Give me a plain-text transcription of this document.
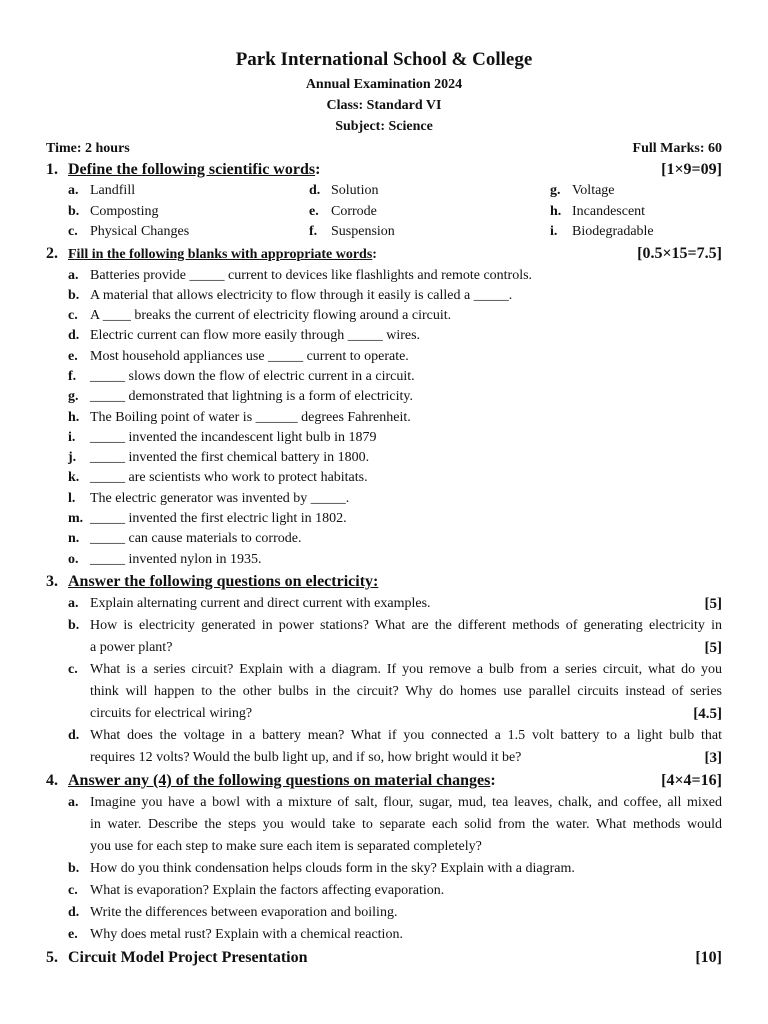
Park International School & College
Annual Examination 2024
Class: Standard VI
Subject: Science
Time: 2 hours	Full Marks: 60
1. Define the following scientific words:	[1×9=09]
a. Landfill	d. Solution	g. Voltage
b. Composting	e. Corrode	h. Incandescent
c. Physical Changes	f. Suspension	i.	Biodegradable
2. Fill in the following blanks with appropriate words:	[0.5×15=7.5]
a. Batteries provide _____ current to devices like flashlights and remote controls.
b. A material that allows electricity to flow through it easily is called a _____.
c. A ____ breaks the current of electricity flowing around a circuit.
d. Electric current can flow more easily through _____ wires.
e. Most household appliances use _____ current to operate.
f. _____ slows down the flow of electric current in a circuit.
g. _____ demonstrated that lightning is a form of electricity.
h. The Boiling point of water is ______ degrees Fahrenheit.
i.	_____ invented the incandescent light bulb in 1879
j. _____ invented the first chemical battery in 1800.
k. _____ are scientists who work to protect habitats.
l.	The electric generator was invented by _____.
m. _____ invented the first electric light in 1802.
n. _____ can cause materials to corrode.
o. _____ invented nylon in 1935.
3. Answer the following questions on electricity:
a. Explain alternating current and direct current with examples.	[5]
b. How is electricity generated in power stations? What are the different methods of generating electricity in
a power plant?	[5]
c. What is a series circuit? Explain with a diagram. If you remove a bulb from a series circuit, what do you
think will happen to the other bulbs in the circuit? Why do homes use parallel circuits instead of series
circuits for electrical wiring?	[4.5]
d. What does the voltage in a battery mean? What if you connected a 1.5 volt battery to a light bulb that
requires 12 volts? Would the bulb light up, and if so, how bright would it be?	[3]
4. Answer any (4) of the following questions on material changes:	[4×4=16]
a. Imagine you have a bowl with a mixture of salt, flour, sugar, mud, tea leaves, chalk, and coffee, all mixed
in water. Describe the steps you would take to separate each solid from the water. What methods would
you use for each step to make sure each item is separated completely?
b. How do you think condensation helps clouds form in the sky? Explain with a diagram.
c. What is evaporation? Explain the factors affecting evaporation.
d. Write the differences between evaporation and boiling.
e. Why does metal rust? Explain with a chemical reaction.
5. Circuit Model Project Presentation	[10]
